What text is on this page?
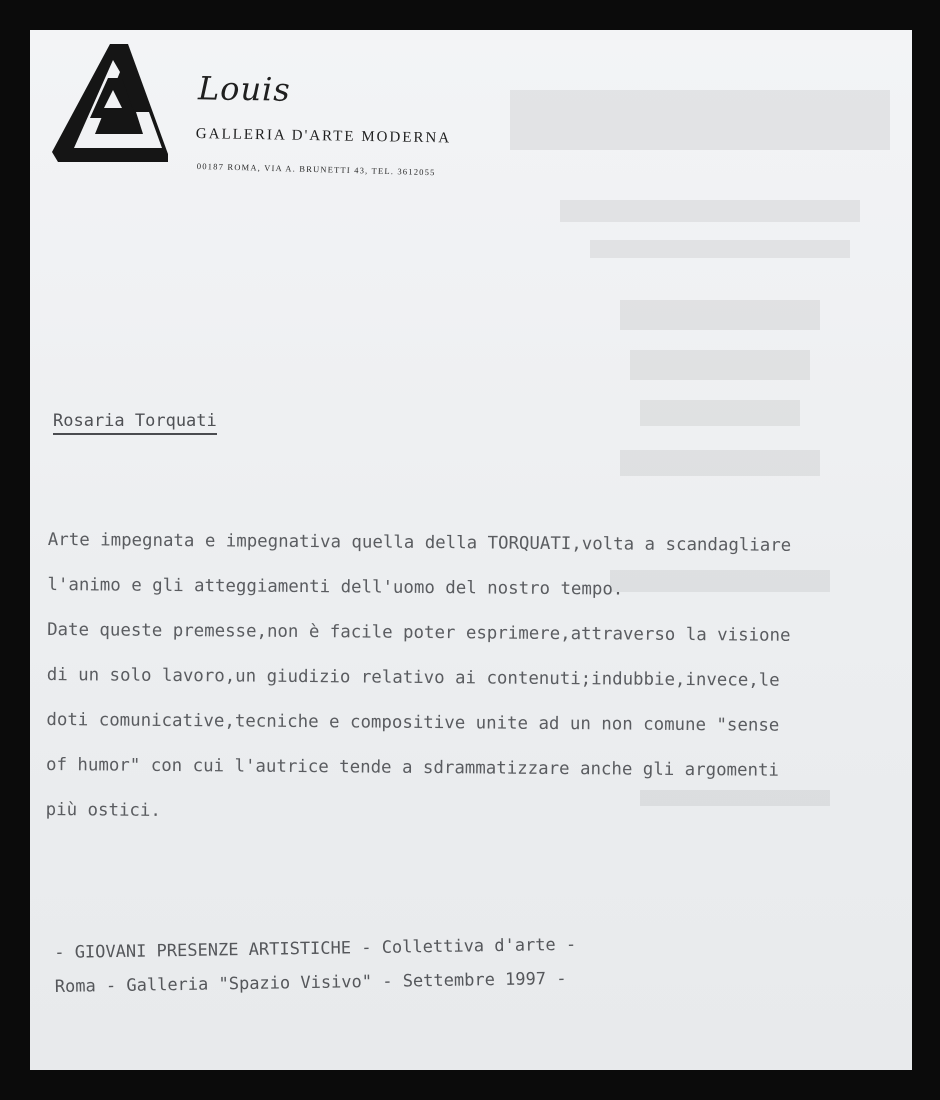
Louis
GALLERIA D'ARTE MODERNA
00187 ROMA, VIA A. BRUNETTI 43, TEL. 3612055
Rosaria Torquati
Arte impegnata e impegnativa quella della TORQUATI,volta a scandagliare
l'animo e gli atteggiamenti dell'uomo del nostro tempo.
Date queste premesse,non è facile poter esprimere,attraverso la visione
di un solo lavoro,un giudizio relativo ai contenuti;indubbie,invece,le
doti comunicative,tecniche e compositive unite ad un non comune "sense
of humor" con cui l'autrice tende a sdrammatizzare anche gli argomenti
più ostici.
- GIOVANI PRESENZE ARTISTICHE - Collettiva d'arte -
Roma - Galleria "Spazio Visivo" - Settembre 1997 -
